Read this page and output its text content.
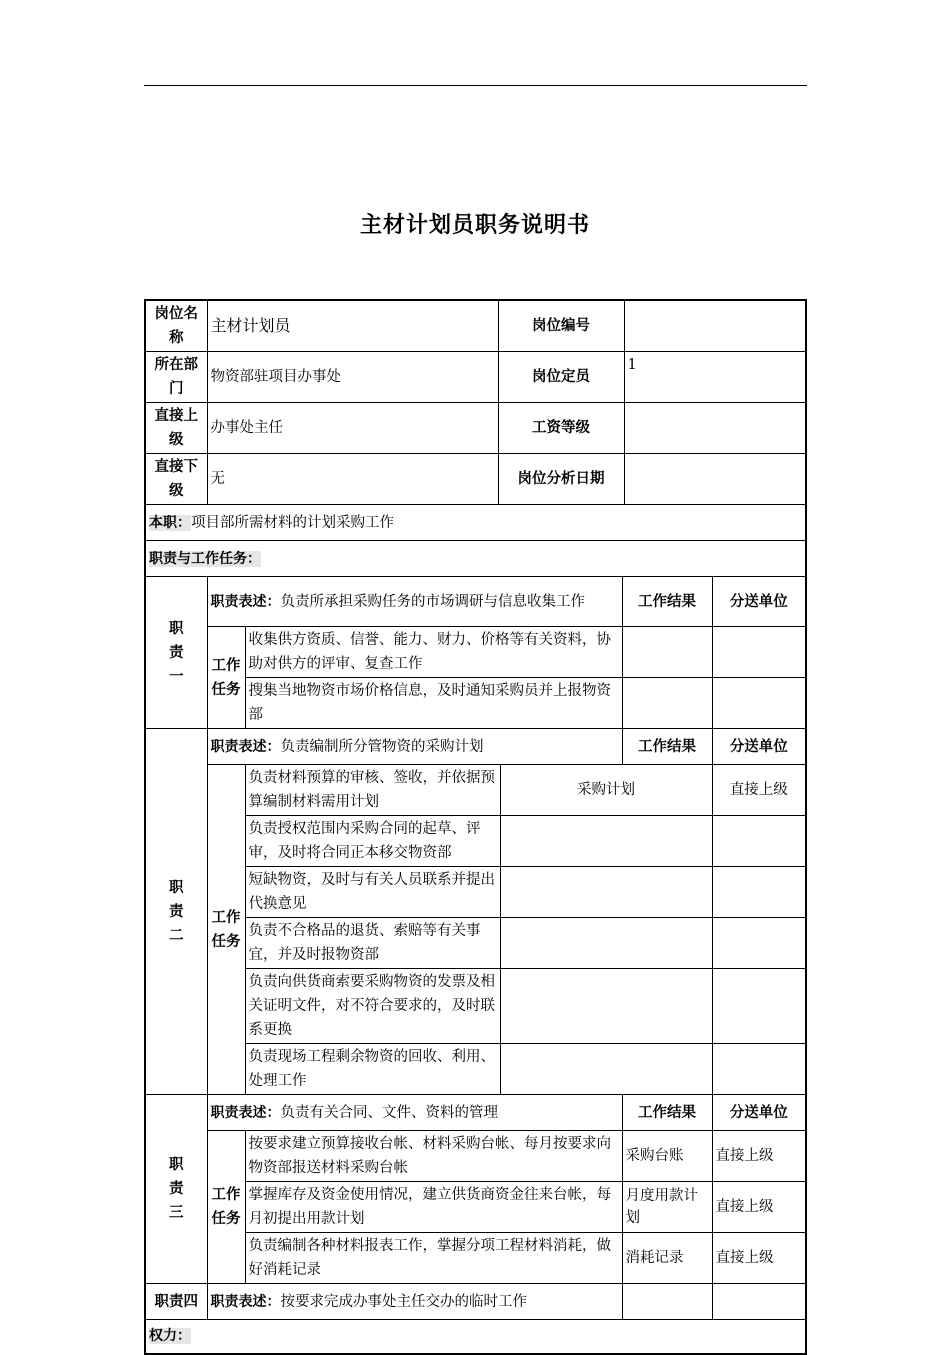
主材计划员职务说明书
岗位名称	主材计划员		岗位编号				
所在部门	物资部驻项目办事处		岗位定员			1	
直接上级	办事处主任		工资等级				
直接下级	无		岗位分析日期				
本职：项目部所需材料的计划采购工作							
职责与工作任务：							

职
责
一	职责表述：负责所承担采购任务的市场调研与信息收集工作				工作结果		分送单位

	工作
任务	收集供方资质、信誉、能力、财力、价格等有关资料，协助对供方的评审、复查工作					
		搜集当地物资市场价格信息，及时通知采购员并上报物资部					

职
责
二	职责表述：负责编制所分管物资的采购计划				工作结果		分送单位

	工作
任务	负责材料预算的审核、签收，并依据预算编制材料需用计划		采购计划			直接上级
		负责授权范围内采购合同的起草、评审，及时将合同正本移交物资部					
		短缺物资，及时与有关人员联系并提出代换意见					
		负责不合格品的退货、索赔等有关事宜，并及时报物资部					
		负责向供货商索要采购物资的发票及相关证明文件，对不符合要求的，及时联系更换					
		负责现场工程剩余物资的回收、利用、处理工作					

职
责
三	职责表述：负责有关合同、文件、资料的管理				工作结果		分送单位

	工作
任务	按要求建立预算接收台帐、材料采购台帐、每月按要求向物资部报送材料采购台帐			采购台账		直接上级
		掌握库存及资金使用情况，建立供货商资金往来台帐，每月初提出用款计划			月度用款计划		直接上级
		负责编制各种材料报表工作，掌握分项工程材料消耗，做好消耗记录			消耗记录		直接上级
职责四	职责表述：按要求完成办事处主任交办的临时工作						
权力：							
